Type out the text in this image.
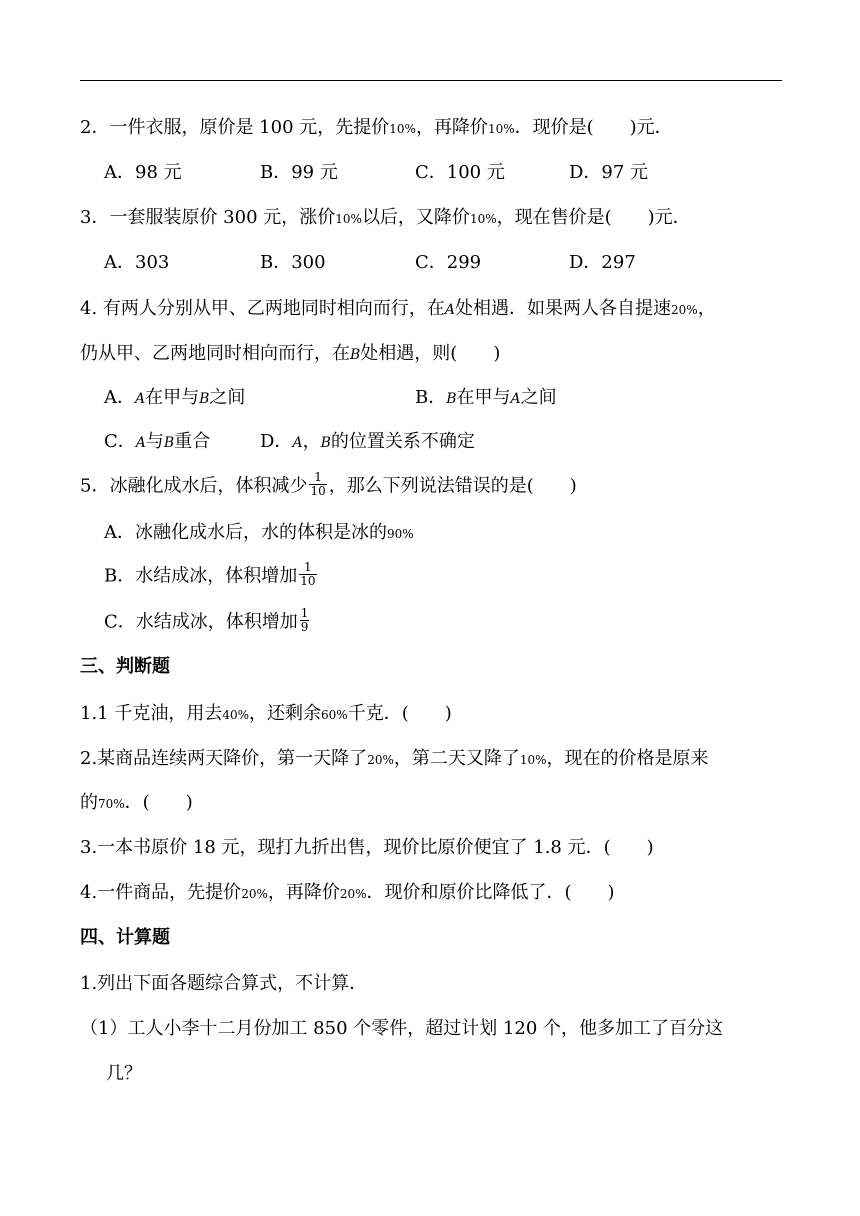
2．一件衣服，原价是 100 元，先提价10%，再降价10%．现价是(　　)元．
A．98 元	B．99 元	C．100 元	D．97 元
3．一套服装原价 300 元，涨价10%以后，又降价10%，现在售价是(　　)元．
A．303	B．300	C．299	D．297
4. 有两人分别从甲、乙两地同时相向而行，在A处相遇．如果两人各自提速20%，
仍从甲、乙两地同时相向而行，在B处相遇，则(　　)
A．A在甲与B之间	B．B在甲与A之间
C．A与B重合	D．A，B的位置关系不确定
5．冰融化成水后，体积减少 $\frac{1}{10}$ ，那么下列说法错误的是(　　)
A．冰融化成水后，水的体积是冰的90%
B．水结成冰，体积增加 $\frac{1}{10}$
C．水结成冰，体积增加 $\frac{1}{9}$
三、判断题
1.1 千克油，用去40%，还剩余60%千克．(　　)
2.某商品连续两天降价，第一天降了20%，第二天又降了10%，现在的价格是原来
的70%．(　　)
3.一本书原价 18 元，现打九折出售，现价比原价便宜了 1.8 元．(　　)
4.一件商品，先提价20%，再降价20%．现价和原价比降低了．(　　)
四、计算题
1.列出下面各题综合算式，不计算．
（1）工人小李十二月份加工 850 个零件，超过计划 120 个，他多加工了百分这
几？
